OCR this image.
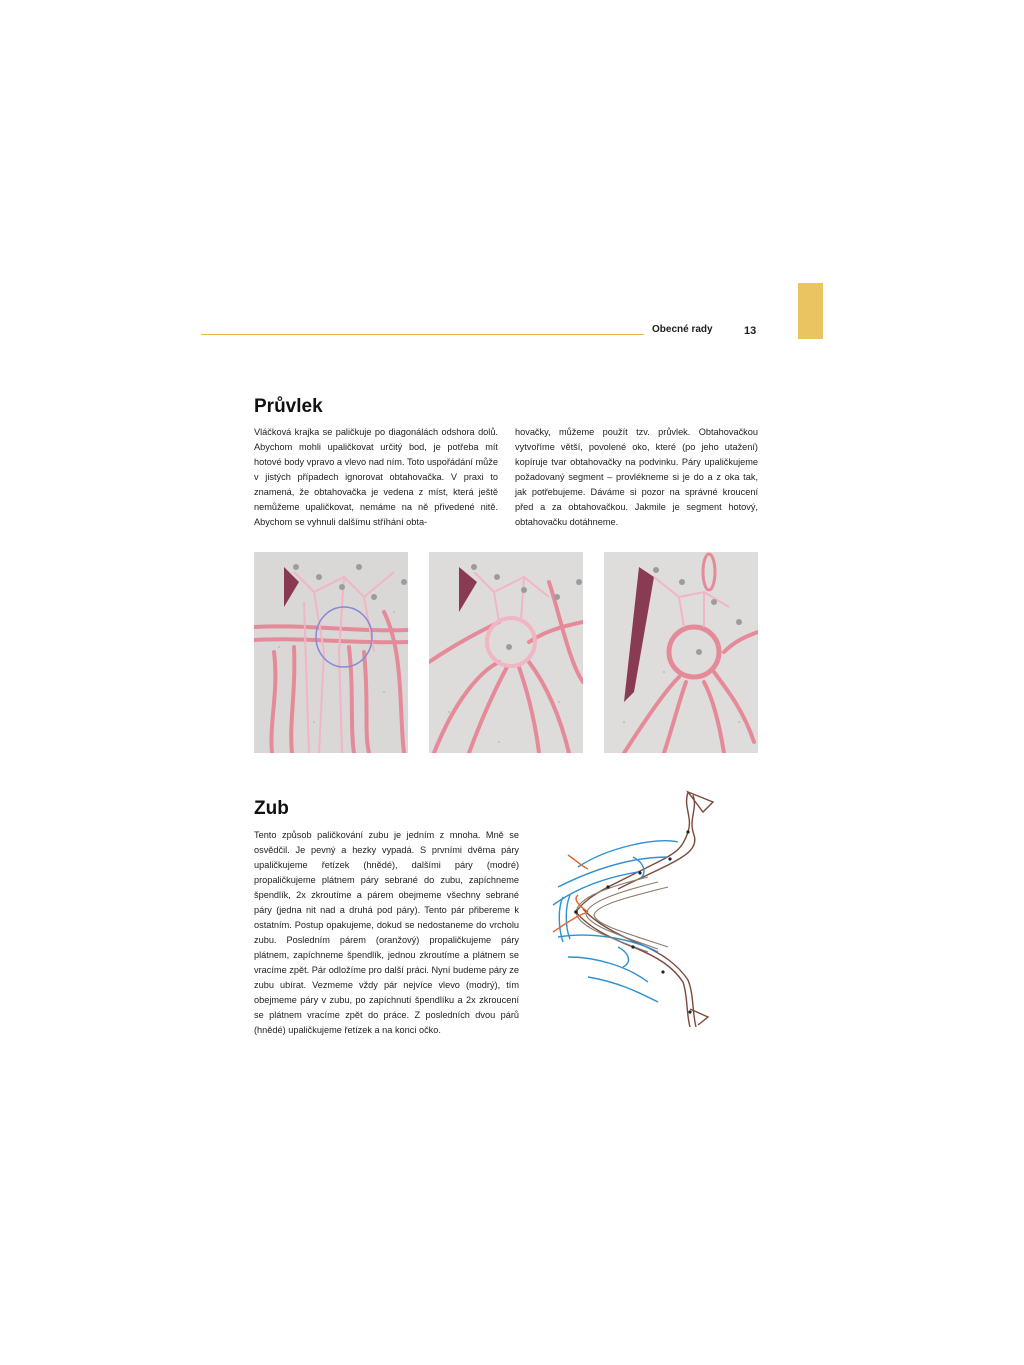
Obecné rady	13
Průvlek
Vláčková krajka se paličkuje po diagonálách odshora dolů. Abychom mohli upaličkovat určitý bod, je potřeba mít hotové body vpravo a vlevo nad ním. Toto uspořádání může v jistých případech ignorovat obtahovačka. V praxi to znamená, že obtahovačka je vedena z míst, která ještě nemůžeme upaličkovat, nemáme na ně přivedené nitě. Abychom se vyhnuli dalšímu stříhání obta-
hovačky, můžeme použít tzv. průvlek. Obtahovačkou vytvoříme větší, povolené oko, které (po jeho utažení) kopíruje tvar obtahovačky na podvinku. Páry upaličkujeme požadovaný segment – provlékneme si je do a z oka tak, jak potřebujeme. Dáváme si pozor na správné kroucení před a za obtahovačkou. Jakmile je segment hotový, obtahovačku dotáhneme.
Zub
Tento způsob paličkování zubu je jedním z mnoha. Mně se osvědčil. Je pevný a hezky vypadá. S prvními dvěma páry upaličkujeme řetízek (hnědé), dalšími páry (modré) propaličkujeme plátnem páry sebrané do zubu, zapíchneme špendlík, 2x zkroutíme a párem obejmeme všechny sebrané páry (jedna nit nad a druhá pod páry). Tento pár přibereme k ostatním. Postup opakujeme, dokud se nedostaneme do vrcholu zubu. Posledním párem (oranžový) propaličkujeme páry plátnem, zapíchneme špendlík, jednou zkroutíme a plátnem se vracíme zpět. Pár odložíme pro další práci. Nyní budeme páry ze zubu ubírat. Vezmeme vždy pár nejvíce vlevo (modrý), tím obejmeme páry v zubu, po zapíchnutí špendlíku a 2x zkroucení se plátnem vracíme zpět do práce. Z posledních dvou párů (hnědé) upaličkujeme řetízek a na konci očko.
